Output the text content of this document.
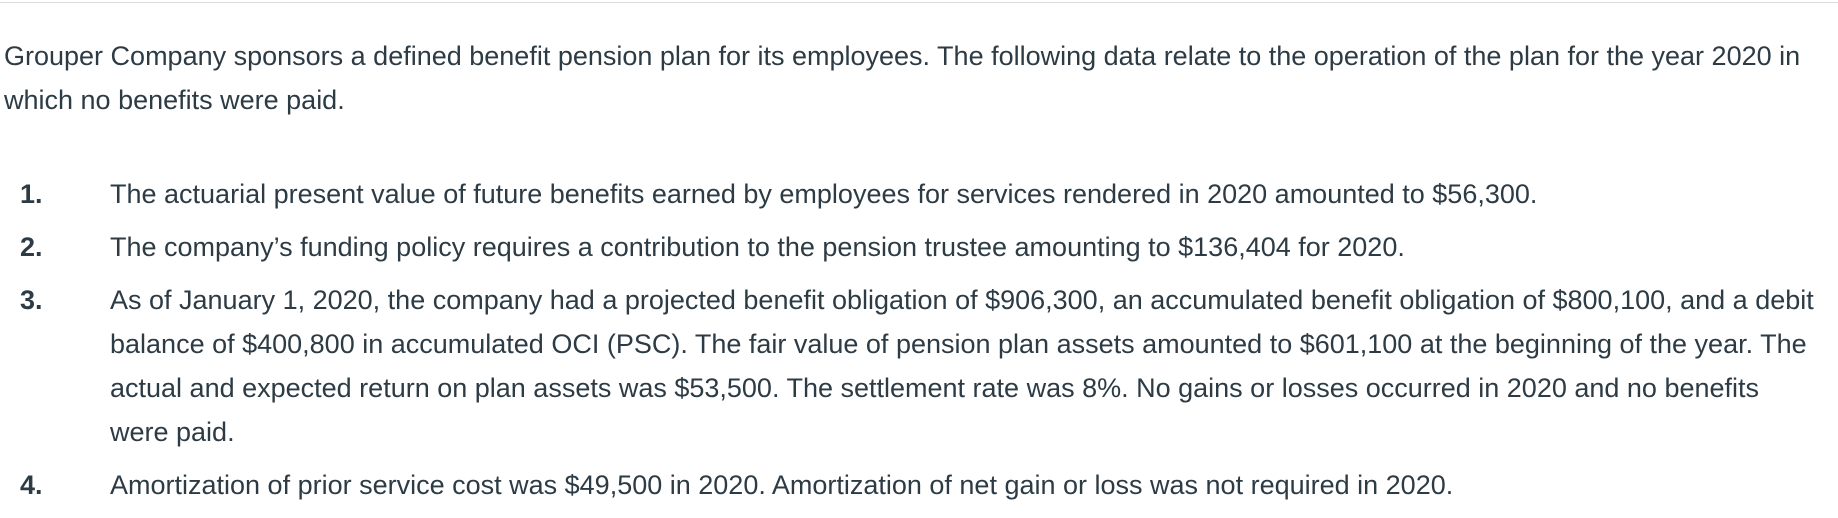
Grouper Company sponsors a defined benefit pension plan for its employees. The following data relate to the operation of the plan for the year 2020 in which no benefits were paid.

1.	The actuarial present value of future benefits earned by employees for services rendered in 2020 amounted to $56,300.
2.	The company’s funding policy requires a contribution to the pension trustee amounting to $136,404 for 2020.
3.	As of January 1, 2020, the company had a projected benefit obligation of $906,300, an accumulated benefit obligation of $800,100, and a debit balance of $400,800 in accumulated OCI (PSC). The fair value of pension plan assets amounted to $601,100 at the beginning of the year. The actual and expected return on plan assets was $53,500. The settlement rate was 8%. No gains or losses occurred in 2020 and no benefits were paid.
4.	Amortization of prior service cost was $49,500 in 2020. Amortization of net gain or loss was not required in 2020.
